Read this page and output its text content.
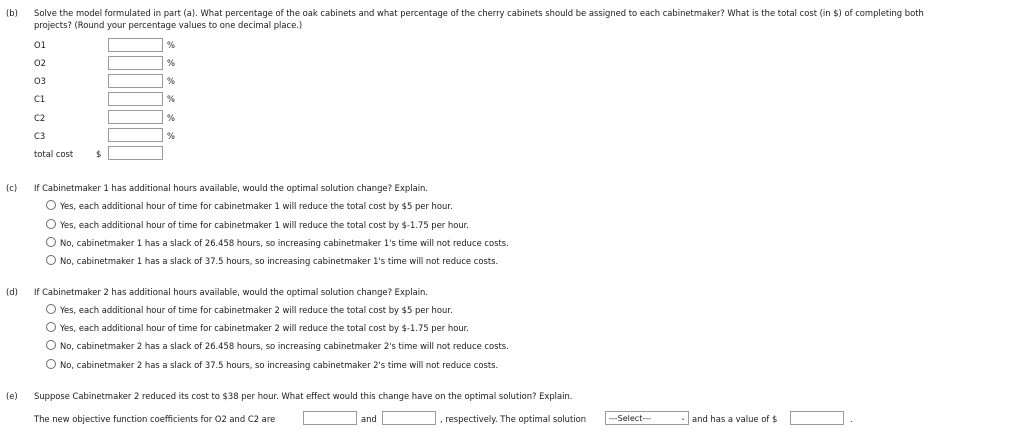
(b) Solve the model formulated in part (a). What percentage of the oak cabinets and what percentage of the cherry cabinets should be assigned to each cabinetmaker? What is the total cost (in $) of completing both
projects? (Round your percentage values to one decimal place.)
O1	%
O2	%
O3	%
C1	%
C2	%
C3	%
total cost	$
(c) If Cabinetmaker 1 has additional hours available, would the optimal solution change? Explain.
Yes, each additional hour of time for cabinetmaker 1 will reduce the total cost by $5 per hour.
Yes, each additional hour of time for cabinetmaker 1 will reduce the total cost by $-1.75 per hour.
No, cabinetmaker 1 has a slack of 26.458 hours, so increasing cabinetmaker 1's time will not reduce costs.
No, cabinetmaker 1 has a slack of 37.5 hours, so increasing cabinetmaker 1's time will not reduce costs.
(d) If Cabinetmaker 2 has additional hours available, would the optimal solution change? Explain.
Yes, each additional hour of time for cabinetmaker 2 will reduce the total cost by $5 per hour.
Yes, each additional hour of time for cabinetmaker 2 will reduce the total cost by $-1.75 per hour.
No, cabinetmaker 2 has a slack of 26.458 hours, so increasing cabinetmaker 2's time will not reduce costs.
No, cabinetmaker 2 has a slack of 37.5 hours, so increasing cabinetmaker 2's time will not reduce costs.
(e) Suppose Cabinetmaker 2 reduced its cost to $38 per hour. What effect would this change have on the optimal solution? Explain.
The new objective function coefficients for O2 and C2 are	and	, respectively. The optimal solution	---Select---	⌄ and has a value of $	.
